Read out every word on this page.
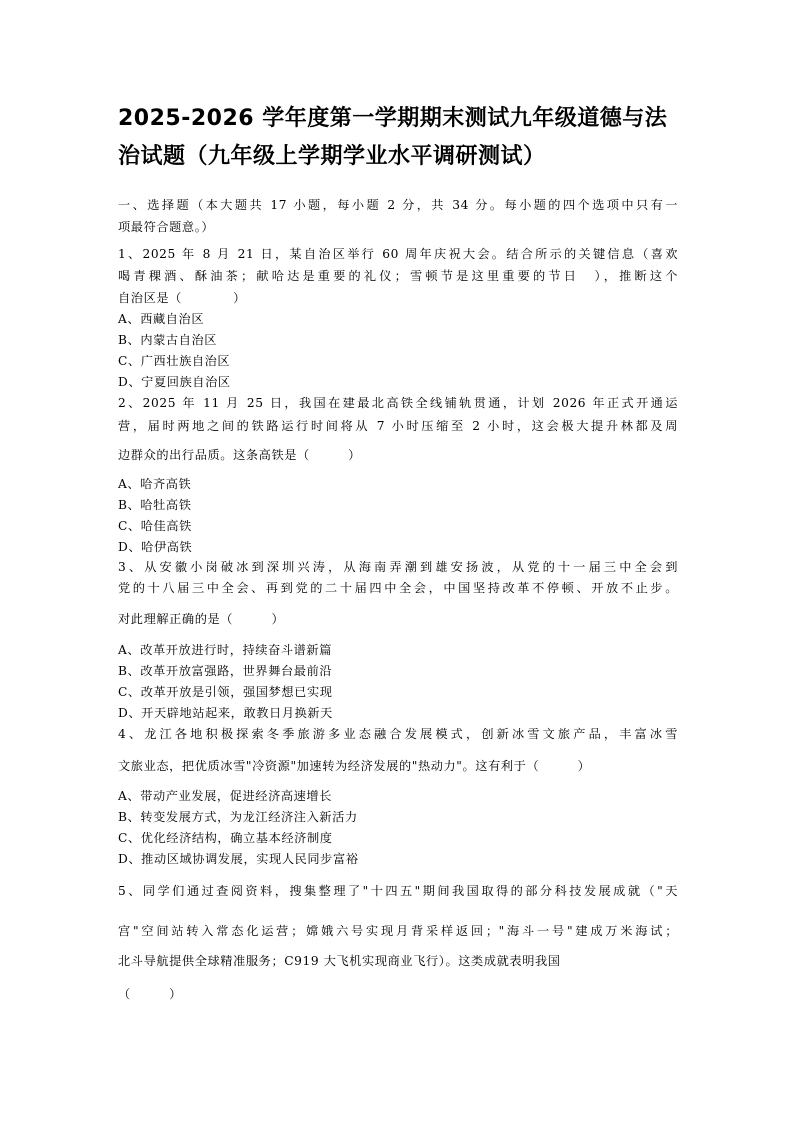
2025-2026 学年度第一学期期末测试九年级道德与法
治试题（九年级上学期学业水平调研测试）
一、选择题（本大题共 17 小题，每小题 2 分，共 34 分。每小题的四个选项中只有一
项最符合题意。）
1、2025 年 8 月 21 日，某自治区举行 60 周年庆祝大会。结合所示的关键信息（喜欢
喝青稞酒、酥油茶；献哈达是重要的礼仪；雪顿节是这里重要的节日　），推断这个
自治区是（　　　　）
A、西藏自治区
B、内蒙古自治区
C、广西壮族自治区
D、宁夏回族自治区
2、2025 年 11 月 25 日，我国在建最北高铁全线铺轨贯通，计划 2026 年正式开通运
营，届时两地之间的铁路运行时间将从 7 小时压缩至 2 小时，这会极大提升林都及周
边群众的出行品质。这条高铁是（　　　）
A、哈齐高铁
B、哈牡高铁
C、哈佳高铁
D、哈伊高铁
3、从安徽小岗破冰到深圳兴涛，从海南弄潮到雄安扬波，从党的十一届三中全会到
党的十八届三中全会、再到党的二十届四中全会，中国坚持改革不停顿、开放不止步。
对此理解正确的是（　　　）
A、改革开放进行时，持续奋斗谱新篇
B、改革开放富强路，世界舞台最前沿
C、改革开放是引领，强国梦想已实现
D、开天辟地站起来，敢教日月换新天
4、龙江各地积极探索冬季旅游多业态融合发展模式，创新冰雪文旅产品，丰富冰雪
文旅业态，把优质冰雪"冷资源"加速转为经济发展的"热动力"。这有利于（　　　）
A、带动产业发展，促进经济高速增长
B、转变发展方式，为龙江经济注入新活力
C、优化经济结构，确立基本经济制度
D、推动区域协调发展，实现人民同步富裕
5、同学们通过查阅资料，搜集整理了"十四五"期间我国取得的部分科技发展成就（"天
宫"空间站转入常态化运营；嫦娥六号实现月背采样返回；"海斗一号"建成万米海试；
北斗导航提供全球精准服务；C919 大飞机实现商业飞行）。这类成就表明我国
（　　　）
